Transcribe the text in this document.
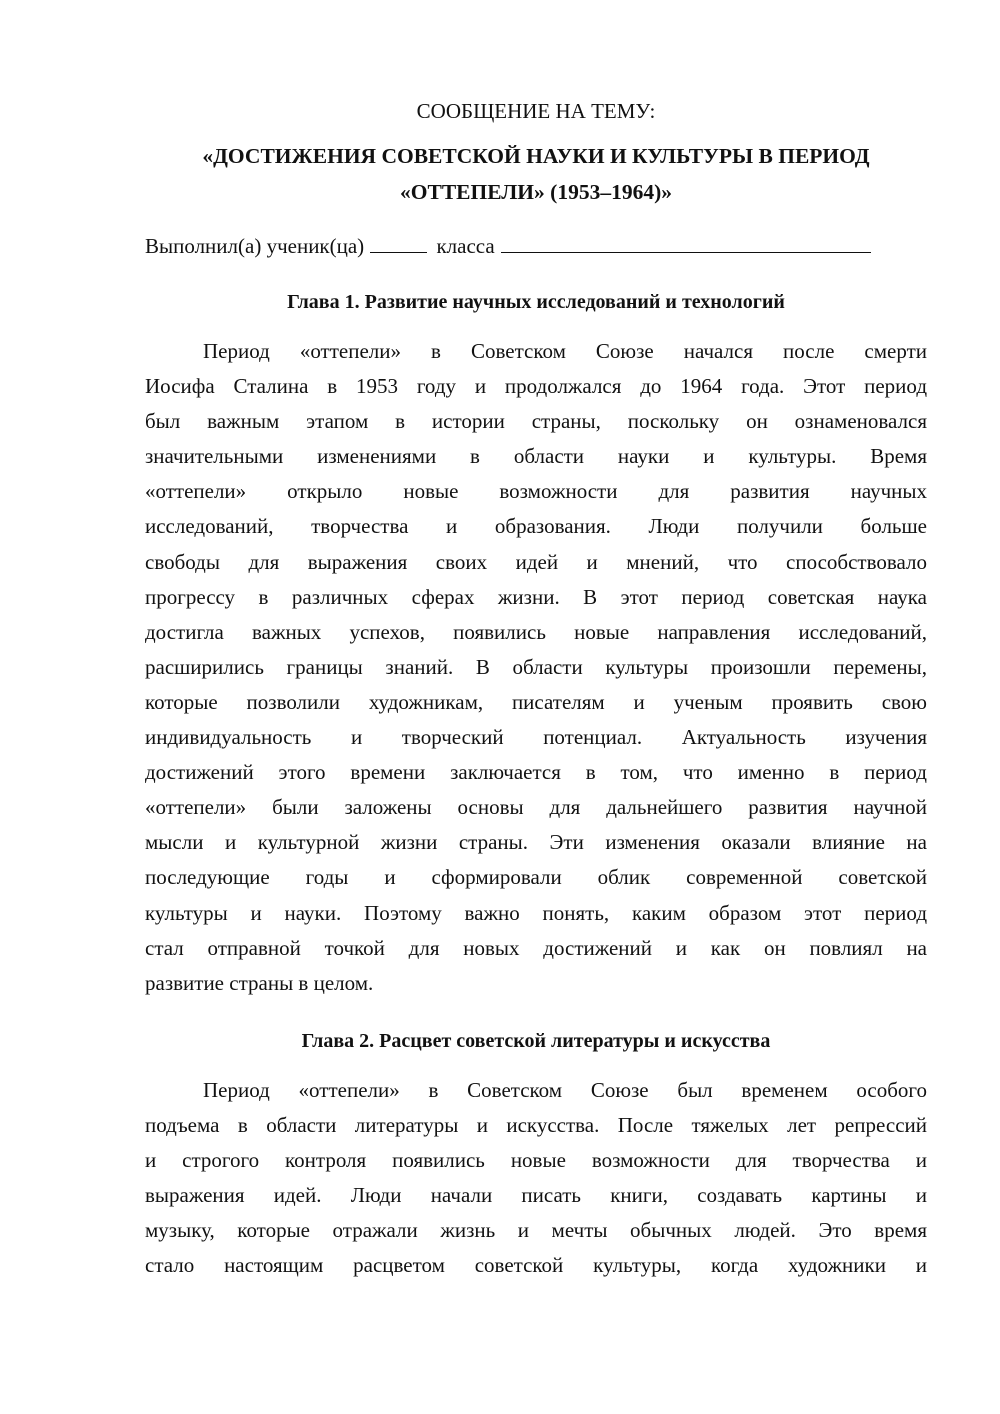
СООБЩЕНИЕ НА ТЕМУ:

«ДОСТИЖЕНИЯ СОВЕТСКОЙ НАУКИ И КУЛЬТУРЫ В ПЕРИОД

«ОТТЕПЕЛИ» (1953–1964)»

Выполнил(а) ученик(ца)	класса
Глава 1. Развитие научных исследований и технологий
Период «оттепели» в Советском Союзе начался после смерти
Иосифа Сталина в 1953 году и продолжался до 1964 года. Этот период
был важным этапом в истории страны, поскольку он ознаменовался
значительными изменениями в области науки и культуры. Время
«оттепели» открыло новые возможности для развития научных
исследований, творчества и образования. Люди получили больше
свободы для выражения своих идей и мнений, что способствовало
прогрессу в различных сферах жизни. В этот период советская наука
достигла важных успехов, появились новые направления исследований,
расширились границы знаний. В области культуры произошли перемены,
которые позволили художникам, писателям и ученым проявить свою
индивидуальность и творческий потенциал. Актуальность изучения
достижений этого времени заключается в том, что именно в период
«оттепели» были заложены основы для дальнейшего развития научной
мысли и культурной жизни страны. Эти изменения оказали влияние на
последующие годы и сформировали облик современной советской
культуры и науки. Поэтому важно понять, каким образом этот период
стал отправной точкой для новых достижений и как он повлиял на
развитие страны в целом.
Глава 2. Расцвет советской литературы и искусства
Период «оттепели» в Советском Союзе был временем особого
подъема в области литературы и искусства. После тяжелых лет репрессий
и строгого контроля появились новые возможности для творчества и
выражения идей. Люди начали писать книги, создавать картины и
музыку, которые отражали жизнь и мечты обычных людей. Это время
стало настоящим расцветом советской культуры, когда художники и
